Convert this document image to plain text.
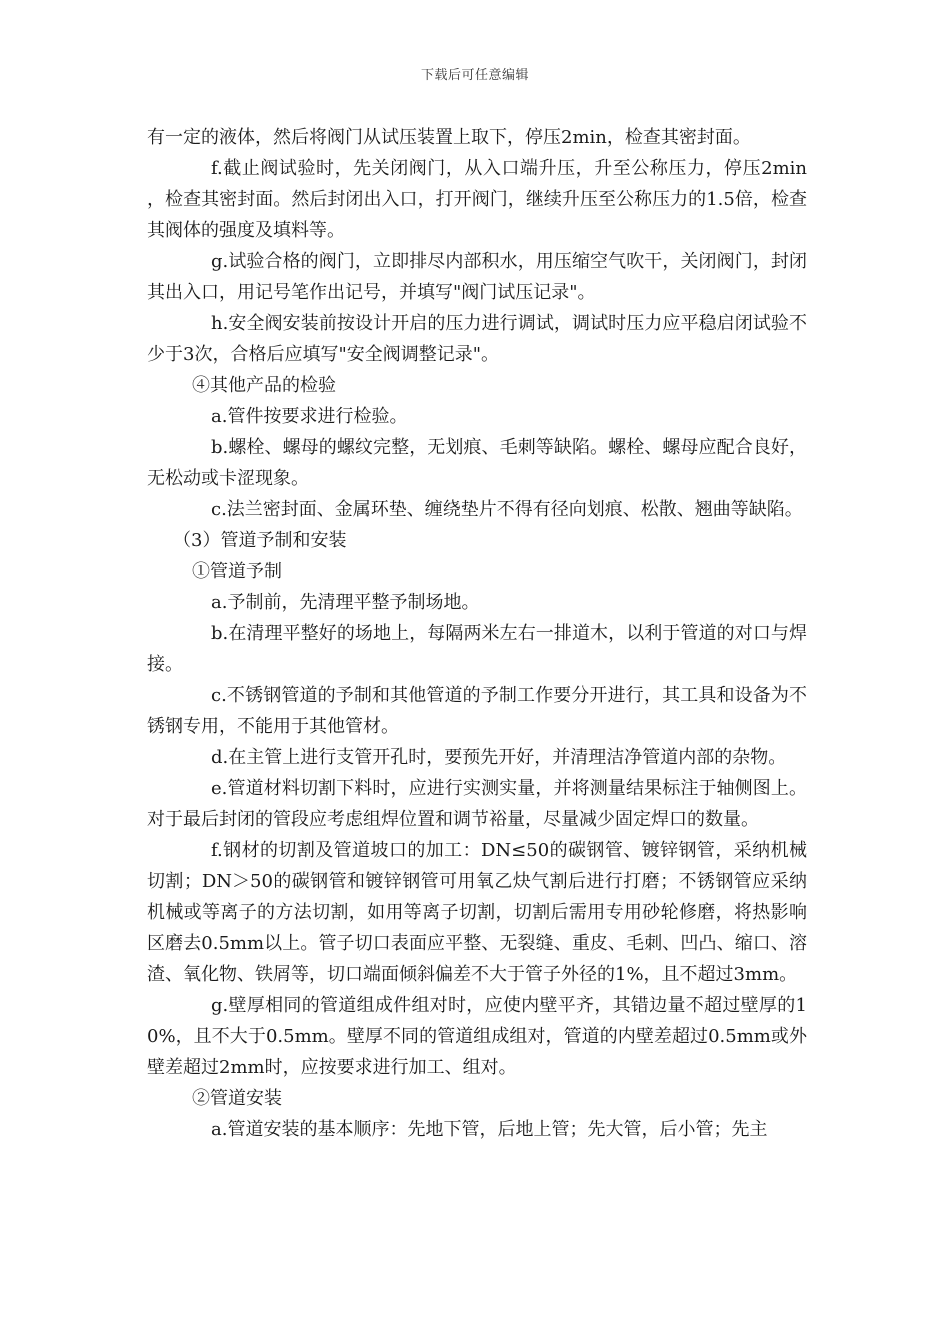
下载后可任意编辑

有一定的液体，然后将阀门从试压装置上取下，停压2min，检查其密封面。

f.截止阀试验时，先关闭阀门，从入口端升压，升至公称压力，停压2min，检查其密封面。然后封闭出入口，打开阀门，继续升压至公称压力的1.5倍，检查其阀体的强度及填料等。

g.试验合格的阀门，立即排尽内部积水，用压缩空气吹干，关闭阀门，封闭其出入口，用记号笔作出记号，并填写"阀门试压记录"。

h.安全阀安装前按设计开启的压力进行调试，调试时压力应平稳启闭试验不少于3次，合格后应填写"安全阀调整记录"。

④其他产品的检验

a.管件按要求进行检验。

b.螺栓、螺母的螺纹完整，无划痕、毛刺等缺陷。螺栓、螺母应配合良好，无松动或卡涩现象。

c.法兰密封面、金属环垫、缠绕垫片不得有径向划痕、松散、翘曲等缺陷。

（3）管道予制和安装

①管道予制

a.予制前，先清理平整予制场地。

b.在清理平整好的场地上，每隔两米左右一排道木，以利于管道的对口与焊接。

c.不锈钢管道的予制和其他管道的予制工作要分开进行，其工具和设备为不锈钢专用，不能用于其他管材。

d.在主管上进行支管开孔时，要预先开好，并清理洁净管道内部的杂物。

e.管道材料切割下料时，应进行实测实量，并将测量结果标注于轴侧图上。对于最后封闭的管段应考虑组焊位置和调节裕量，尽量减少固定焊口的数量。

f.钢材的切割及管道坡口的加工：DN≤50的碳钢管、镀锌钢管，采纳机械切割；DN＞50的碳钢管和镀锌钢管可用氧乙炔气割后进行打磨；不锈钢管应采纳机械或等离子的方法切割，如用等离子切割，切割后需用专用砂轮修磨，将热影响区磨去0.5mm以上。管子切口表面应平整、无裂缝、重皮、毛刺、凹凸、缩口、溶渣、氧化物、铁屑等，切口端面倾斜偏差不大于管子外径的1%，且不超过3mm。

g.壁厚相同的管道组成件组对时，应使内壁平齐，其错边量不超过壁厚的10%，且不大于0.5mm。壁厚不同的管道组成组对，管道的内壁差超过0.5mm或外壁差超过2mm时，应按要求进行加工、组对。

②管道安装

a.管道安装的基本顺序：先地下管，后地上管；先大管，后小管；先主
